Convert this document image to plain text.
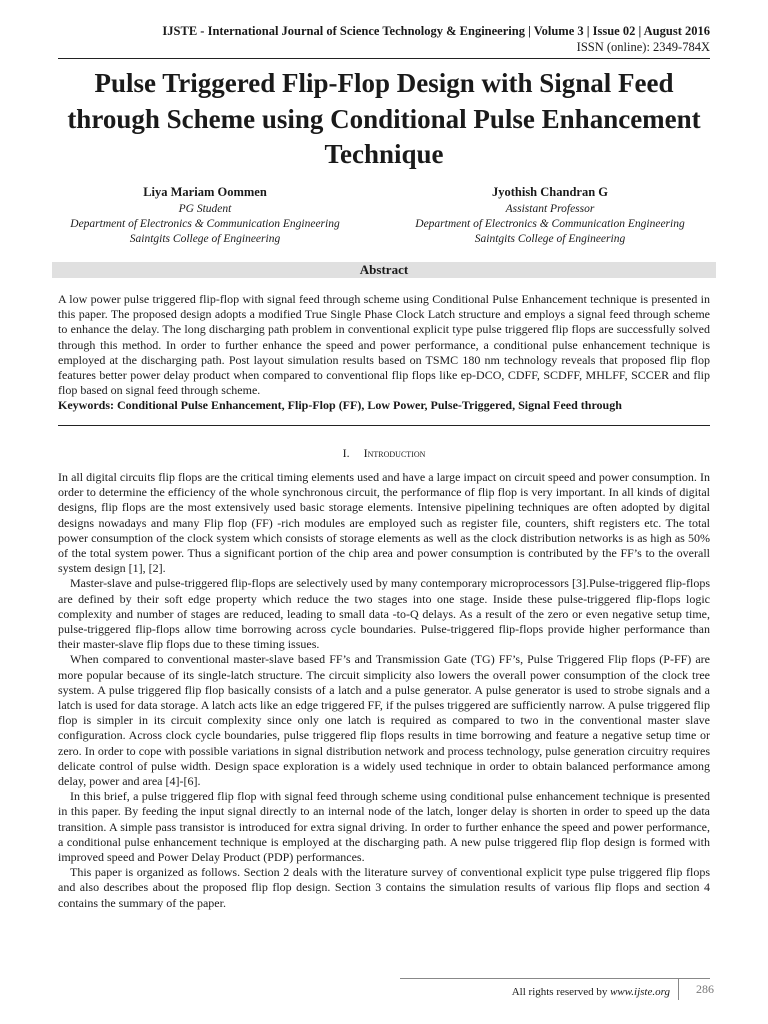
IJSTE - International Journal of Science Technology & Engineering | Volume 3 | Issue 02 | August 2016
ISSN (online): 2349-784X
Pulse Triggered Flip-Flop Design with Signal Feed through Scheme using Conditional Pulse Enhancement Technique
Liya Mariam Oommen
PG Student
Department of Electronics & Communication Engineering
Saintgits College of Engineering
Jyothish Chandran G
Assistant Professor
Department of Electronics & Communication Engineering
Saintgits College of Engineering
Abstract

A low power pulse triggered flip-flop with signal feed through scheme using Conditional Pulse Enhancement technique is presented in this paper. The proposed design adopts a modified True Single Phase Clock Latch structure and employs a signal feed through scheme to enhance the delay. The long discharging path problem in conventional explicit type pulse triggered flip flops are successfully solved through this method. In order to further enhance the speed and power performance, a conditional pulse enhancement technique is employed at the discharging path. Post layout simulation results based on TSMC 180 nm technology reveals that proposed flip flop features better power delay product when compared to conventional flip flops like ep-DCO, CDFF, SCDFF, MHLFF, SCCER and flip flop based on signal feed through scheme.

Keywords: Conditional Pulse Enhancement, Flip-Flop (FF), Low Power, Pulse-Triggered, Signal Feed through

I. Introduction

In all digital circuits flip flops are the critical timing elements used and have a large impact on circuit speed and power consumption. In order to determine the efficiency of the whole synchronous circuit, the performance of flip flop is very important. In all kinds of digital designs, flip flops are the most extensively used basic storage elements. Intensive pipelining techniques are often adopted by digital designs nowadays and many Flip flop (FF) -rich modules are employed such as register file, counters, shift registers etc. The total power consumption of the clock system which consists of storage elements as well as the clock distribution networks is as high as 50% of the total system power. Thus a significant portion of the chip area and power consumption is contributed by the FF’s to the overall system design [1], [2].

Master-slave and pulse-triggered flip-flops are selectively used by many contemporary microprocessors [3].Pulse-triggered flip-flops are defined by their soft edge property which reduce the two stages into one stage. Inside these pulse-triggered flip-flops logic complexity and number of stages are reduced, leading to small data -to-Q delays. As a result of the zero or even negative setup time, pulse-triggered flip-flops allow time borrowing across cycle boundaries. Pulse-triggered flip-flops provide higher performance than their master-slave flip flops due to these timing issues.

When compared to conventional master-slave based FF’s and Transmission Gate (TG) FF’s, Pulse Triggered Flip flops (P-FF) are more popular because of its single-latch structure. The circuit simplicity also lowers the overall power consumption of the clock tree system. A pulse triggered flip flop basically consists of a latch and a pulse generator. A pulse generator is used to strobe signals and a latch is used for data storage. A latch acts like an edge triggered FF, if the pulses triggered are sufficiently narrow. A pulse triggered flip flop is simpler in its circuit complexity since only one latch is required as compared to two in the conventional master slave configuration. Across clock cycle boundaries, pulse triggered flip flops results in time borrowing and feature a negative setup time or zero. In order to cope with possible variations in signal distribution network and process technology, pulse generation circuitry requires delicate control of pulse width. Design space exploration is a widely used technique in order to obtain balanced performance among delay, power and area [4]-[6].

In this brief, a pulse triggered flip flop with signal feed through scheme using conditional pulse enhancement technique is presented in this paper. By feeding the input signal directly to an internal node of the latch, longer delay is shorten in order to speed up the data transition. A simple pass transistor is introduced for extra signal driving. In order to further enhance the speed and power performance, a conditional pulse enhancement technique is employed at the discharging path. A new pulse triggered flip flop design is formed with improved speed and Power Delay Product (PDP) performances.

This paper is organized as follows. Section 2 deals with the literature survey of conventional explicit type pulse triggered flip flops and also describes about the proposed flip flop design. Section 3 contains the simulation results of various flip flops and section 4 contains the summary of the paper.

All rights reserved by www.ijste.org	286
